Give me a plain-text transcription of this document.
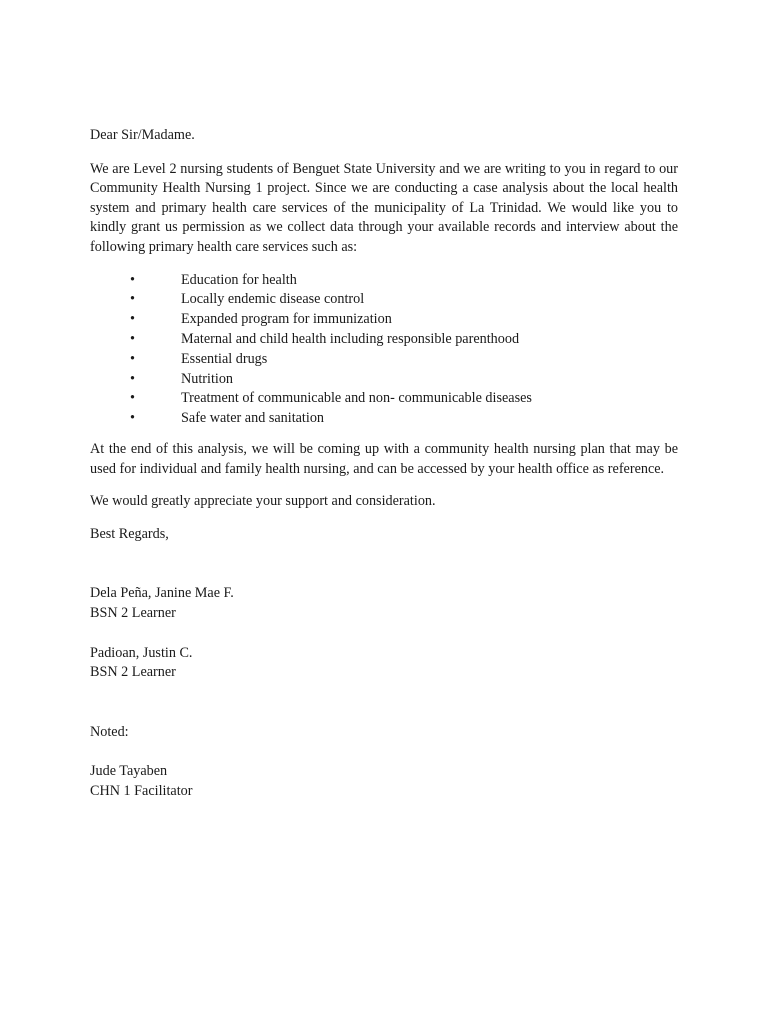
Dear Sir/Madame.

We are Level 2 nursing students of Benguet State University and we are writing to you in regard to our Community Health Nursing 1 project. Since we are conducting a case analysis about the local health system and primary health care services of the municipality of La Trinidad. We would like you to kindly grant us permission as we collect data through your available records and interview about the following primary health care services such as:

•	Education for health
•	Locally endemic disease control
•	Expanded program for immunization
•	Maternal and child health including responsible parenthood
•	Essential drugs
•	Nutrition
•	Treatment of communicable and non- communicable diseases
•	Safe water and sanitation

At the end of this analysis, we will be coming up with a community health nursing plan that may be used for individual and family health nursing, and can be accessed by your health office as reference.

We would greatly appreciate your support and consideration.

Best Regards,

Dela Peña, Janine Mae F.

BSN 2 Learner

Padioan, Justin C.

BSN 2 Learner

Noted:

Jude Tayaben

CHN 1 Facilitator
